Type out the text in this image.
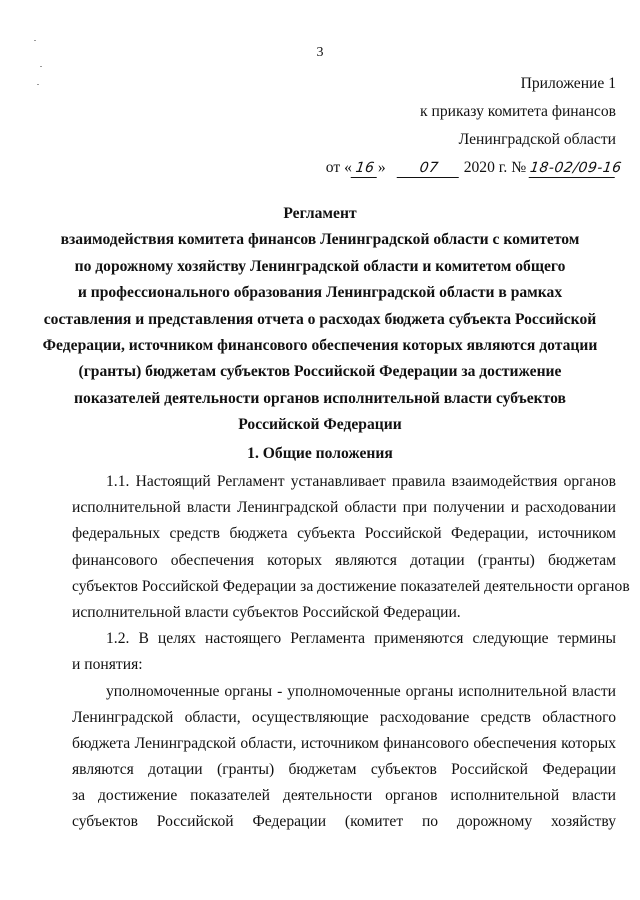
3
Приложение 1
к приказу комитета финансов
Ленинградской области
от « 16 » 07 2020 г. № 18-02/09-16
Регламент
взаимодействия комитета финансов Ленинградской области с комитетом
по дорожному хозяйству Ленинградской области и комитетом общего
и профессионального образования Ленинградской области в рамках
составления и представления отчета о расходах бюджета субъекта Российской
Федерации, источником финансового обеспечения которых являются дотации
(гранты) бюджетам субъектов Российской Федерации за достижение
показателей деятельности органов исполнительной власти субъектов
Российской Федерации
1. Общие положения
1.1. Настоящий Регламент устанавливает правила взаимодействия органов
исполнительной власти Ленинградской области при получении и расходовании
федеральных средств бюджета субъекта Российской Федерации, источником
финансового обеспечения которых являются дотации (гранты) бюджетам
субъектов Российской Федерации за достижение показателей деятельности органов
исполнительной власти субъектов Российской Федерации.
1.2. В целях настоящего Регламента применяются следующие термины
и понятия:
уполномоченные органы - уполномоченные органы исполнительной власти
Ленинградской области, осуществляющие расходование средств областного
бюджета Ленинградской области, источником финансового обеспечения которых
являются дотации (гранты) бюджетам субъектов Российской Федерации
за достижение показателей деятельности органов исполнительной власти
субъектов Российской Федерации (комитет по дорожному хозяйству
